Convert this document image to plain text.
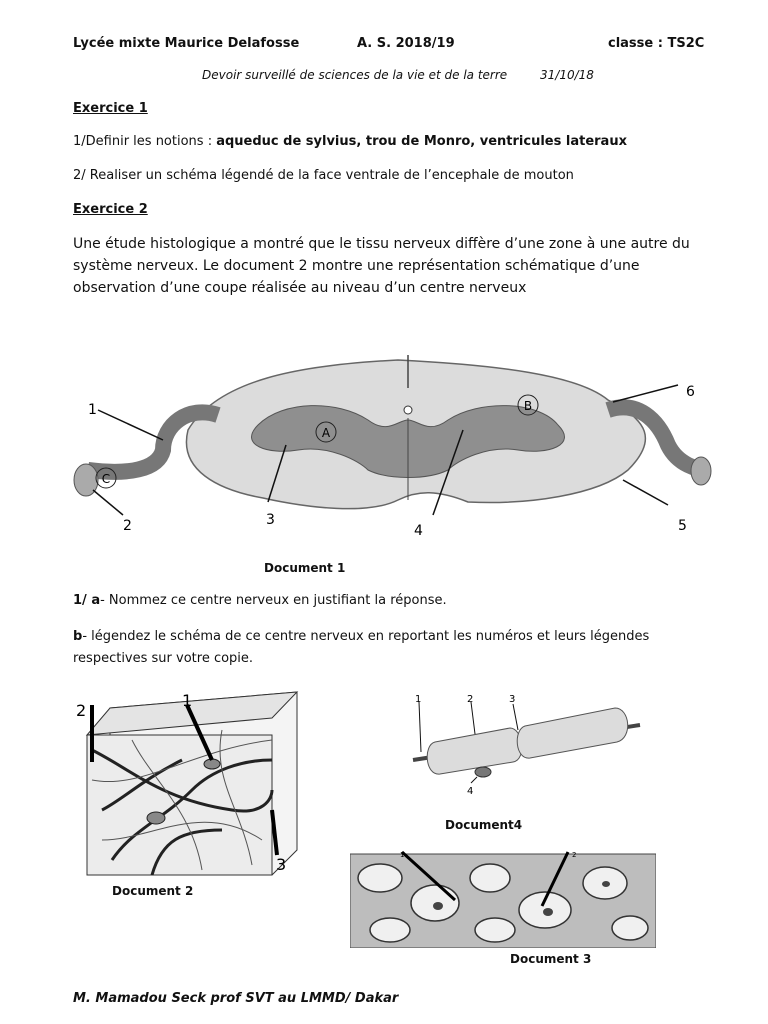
Lycée mixte Maurice Delafosse	A. S. 2018/19	classe : TS2C
Devoir surveillé de sciences de la vie et de la terre	31/10/18
Exercice 1
1/Definir les notions : aqueduc de sylvius, trou de Monro, ventricules lateraux
2/ Realiser un schéma légendé de la face ventrale de l’encephale de mouton
Exercice 2
Une étude histologique a montré que le tissu nerveux diffère d’une zone à une autre du système nerveux. Le document 2 montre une représentation schématique d’une observation d’une coupe réalisée au niveau d’un centre nerveux
A
B
C
1
2	3
4	5
6
Document 1
1/ a- Nommez ce centre nerveux en justifiant la réponse.
b- légendez le schéma de ce centre nerveux en reportant les numéros et leurs légendes respectives sur votre copie.
2
1
3
Document 2
1	2	3
4
Document4
1	2
Document 3
M. Mamadou Seck prof SVT au LMMD/ Dakar
